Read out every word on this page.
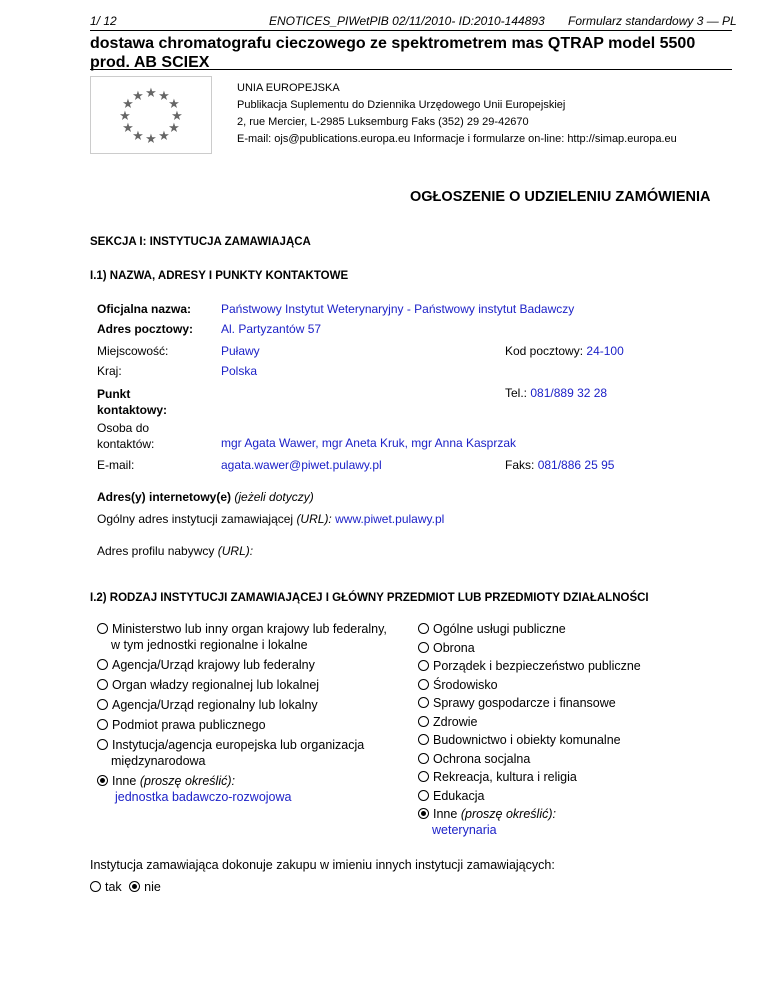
1/ 12	ENOTICES_PIWetPIB 02/11/2010- ID:2010-144893 Formularz standardowy 3 — PL
dostawa chromatografu cieczowego ze spektrometrem mas QTRAP model 5500 prod. AB SCIEX
★ ★
★
★
★
★
★
★
★
★
★
★
UNIA EUROPEJSKA
Publikacja Suplementu do Dziennika Urzędowego Unii Europejskiej
2, rue Mercier, L-2985 Luksemburg Faks (352) 29 29-42670
E-mail: ojs@publications.europa.eu Informacje i formularze on-line: http://simap.europa.eu
OGŁOSZENIE O UDZIELENIU ZAMÓWIENIA
SEKCJA I: INSTYTUCJA ZAMAWIAJĄCA
I.1) NAZWA, ADRESY I PUNKTY KONTAKTOWE
Oficjalna nazwa: Państwowy Instytut Weterynaryjny - Państwowy instytut Badawczy
Adres pocztowy: Al. Partyzantów 57
Miejscowość:	Puławy	Kod pocztowy: 24-100
Kraj:	Polska
Punkt
kontaktowy:
Tel.: 081/889 32 28
Osoba do
kontaktów:	mgr Agata Wawer, mgr Aneta Kruk, mgr Anna Kasprzak
E-mail:	agata.wawer@piwet.pulawy.pl	Faks: 081/886 25 95
Adres(y) internetowy(e) (jeżeli dotyczy)
Ogólny adres instytucji zamawiającej (URL): www.piwet.pulawy.pl
Adres profilu nabywcy (URL):
I.2) RODZAJ INSTYTUCJI ZAMAWIAJĄCEJ I GŁÓWNY PRZEDMIOT LUB PRZEDMIOTY DZIAŁALNOŚCI
Ministerstwo lub inny organ krajowy lub federalny,
w tym jednostki regionalne i lokalne
Agencja/Urząd krajowy lub federalny
Organ władzy regionalnej lub lokalnej
Agencja/Urząd regionalny lub lokalny
Podmiot prawa publicznego
Instytucja/agencja europejska lub organizacja
międzynarodowa
Inne (proszę określić):
jednostka badawczo-rozwojowa
Ogólne usługi publiczne
Obrona
Porządek i bezpieczeństwo publiczne
Środowisko
Sprawy gospodarcze i finansowe
Zdrowie
Budownictwo i obiekty komunalne
Ochrona socjalna
Rekreacja, kultura i religia
Edukacja
Inne (proszę określić):
weterynaria
Instytucja zamawiająca dokonuje zakupu w imieniu innych instytucji zamawiających:
tak nie
